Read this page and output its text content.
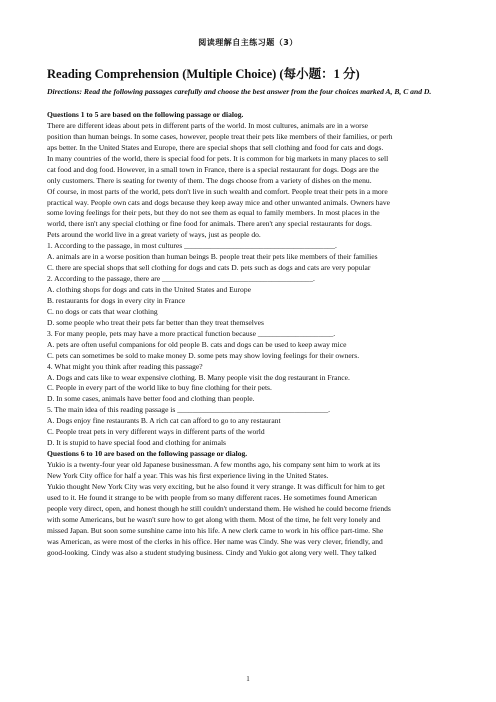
阅读理解自主练习题（3）
Reading Comprehension (Multiple Choice) (每小题：1 分)
Directions: Read the following passages carefully and choose the best answer from the four choices marked A, B, C and D.
Questions 1 to 5 are based on the following passage or dialog.
There are different ideas about pets in different parts of the world. In most cultures, animals are in a worse
position than human beings. In some cases, however, people treat their pets like members of their families, or perh
aps better. In the United States and Europe, there are special shops that sell clothing and food for cats and dogs.
In many countries of the world, there is special food for pets. It is common for big markets in many places to sell
cat food and dog food. However, in a small town in France, there is a special restaurant for dogs. Dogs are the
only customers. There is seating for twenty of them. The dogs choose from a variety of dishes on the menu.
Of course, in most parts of the world, pets don't live in such wealth and comfort. People treat their pets in a more
practical way. People own cats and dogs because they keep away mice and other unwanted animals. Owners have
some loving feelings for their pets, but they do not see them as equal to family members. In most places in the
world, there isn't any special clothing or fine food for animals. There aren't any special restaurants for dogs.
Pets around the world live in a great variety of ways, just as people do.
1. According to the passage, in most cultures ________________________________________.
A. animals are in a worse position than human beings B. people treat their pets like members of their families
C. there are special shops that sell clothing for dogs and cats D. pets such as dogs and cats are very popular
2. According to the passage, there are ________________________________________.
A. clothing shops for dogs and cats in the United States and Europe
B. restaurants for dogs in every city in France
C. no dogs or cats that wear clothing
D. some people who treat their pets far better than they treat themselves
3. For many people, pets may have a more practical function because ____________________.
A. pets are often useful companions for old people B. cats and dogs can be used to keep away mice
C. pets can sometimes be sold to make money D. some pets may show loving feelings for their owners.
4. What might you think after reading this passage?
A. Dogs and cats like to wear expensive clothing. B. Many people visit the dog restaurant in France.
C. People in every part of the world like to buy fine clothing for their pets.
D. In some cases, animals have better food and clothing than people.
5. The main idea of this reading passage is ________________________________________.
A. Dogs enjoy fine restaurants B. A rich cat can afford to go to any restaurant
C. People treat pets in very different ways in different parts of the world
D. It is stupid to have special food and clothing for animals
Questions 6 to 10 are based on the following passage or dialog.
Yukio is a twenty-four year old Japanese businessman. A few months ago, his company sent him to work at its
New York City office for half a year. This was his first experience living in the United States.
Yukio thought New York City was very exciting, but he also found it very strange. It was difficult for him to get
used to it. He found it strange to be with people from so many different races. He sometimes found American
people very direct, open, and honest though he still couldn't understand them. He wished he could become friends
with some Americans, but he wasn't sure how to get along with them. Most of the time, he felt very lonely and
missed Japan. But soon some sunshine came into his life. A new clerk came to work in his office part-time. She
was American, as were most of the clerks in his office. Her name was Cindy. She was very clever, friendly, and
good-looking. Cindy was also a student studying business. Cindy and Yukio got along very well. They talked
1
